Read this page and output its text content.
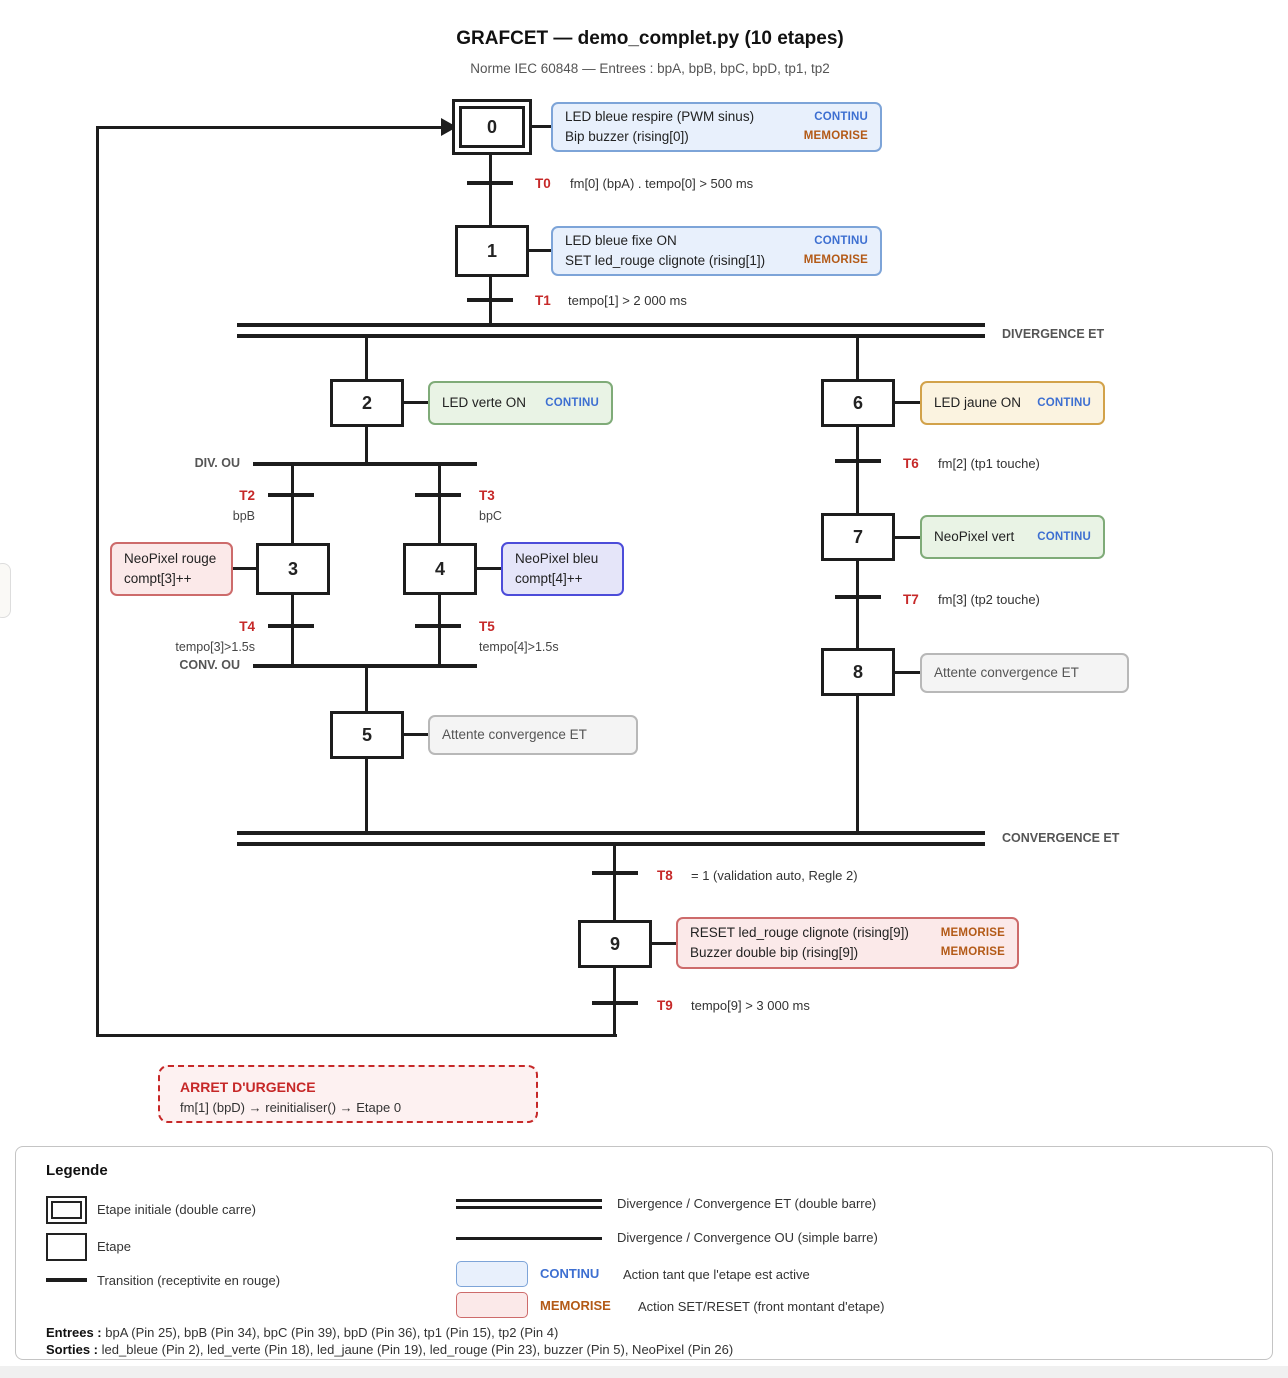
GRAFCET — demo_complet.py (10 etapes)
Norme IEC 60848 — Entrees : bpA, bpB, bpC, bpD, tp1, tp2
DIVERGENCE ET
DIV. OU
CONV. OU
CONVERGENCE ET
T0 fm[0] (bpA) . tempo[0] > 500 ms
T1 tempo[1] > 2 000 ms
T2
bpB
T3
bpC
T4
tempo[3]>1.5s
T5
tempo[4]>1.5s
T6 fm[2] (tp1 touche)
T7 fm[3] (tp2 touche)
T8 = 1 (validation auto, Regle 2)
T9 tempo[9] > 3 000 ms
0
1
2
3	4
5
6
7
8
9
LED bleue respire (PWM sinus)	CONTINU
Bip buzzer (rising[0])	MEMORISE
LED bleue fixe ON	CONTINU
SET led_rouge clignote (rising[1])	MEMORISE
LED verte ON CONTINU
NeoPixel rouge
compt[3]++
NeoPixel bleu
compt[4]++
Attente convergence ET
LED jaune ON CONTINU
NeoPixel vert CONTINU
Attente convergence ET
RESET led_rouge clignote (rising[9])	MEMORISE
Buzzer double bip (rising[9])	MEMORISE
ARRET D'URGENCE
fm[1] (bpD) → reinitialiser() → Etape 0
Legende
Etape initiale (double carre)
Etape
Transition (receptivite en rouge)
Divergence / Convergence ET (double barre)
Divergence / Convergence OU (simple barre)
CONTINU Action tant que l'etape est active
MEMORISE Action SET/RESET (front montant d'etape)
Entrees : bpA (Pin 25), bpB (Pin 34), bpC (Pin 39), bpD (Pin 36), tp1 (Pin 15), tp2 (Pin 4)
Sorties : led_bleue (Pin 2), led_verte (Pin 18), led_jaune (Pin 19), led_rouge (Pin 23), buzzer (Pin 5), NeoPixel (Pin 26)
